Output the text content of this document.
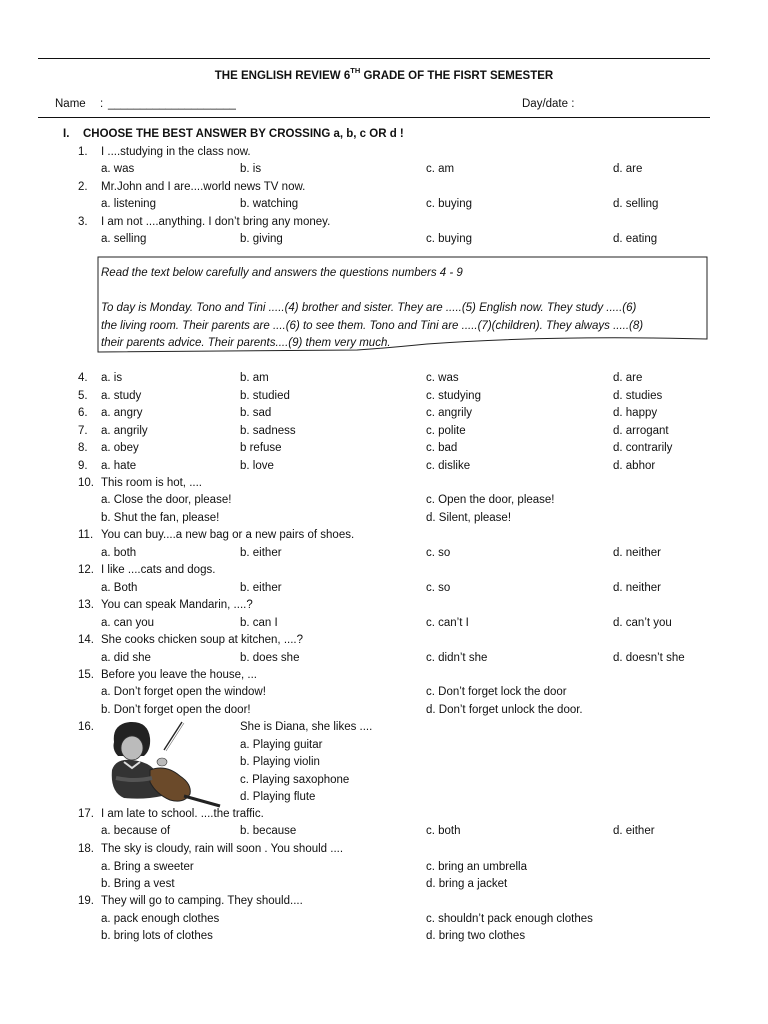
THE ENGLISH REVIEW 6TH GRADE OF THE FISRT SEMESTER
Name : ____________________	Day/date :
I. CHOOSE THE BEST ANSWER BY CROSSING a, b, c OR d !
1. I ....studying in the class now.
a. was	b. is	c. am	d. are
2. Mr.John and I are....world news TV now.
a. listening	b. watching	c. buying	d. selling
3. I am not ....anything. I don’t bring any money.
a. selling	b. giving	c. buying	d. eating
Read the text below carefully and answers the questions numbers 4 - 9
To day is Monday. Tono and Tini .....(4) brother and sister. They are .....(5) English now. They study .....(6)
the living room. Their parents are ....(6) to see them. Tono and Tini are .....(7)(children). They always .....(8)
their parents advice. Their parents....(9) them very much.
4. a. is	b. am	c. was	d. are
5. a. study	b. studied	c. studying	d. studies
6. a. angry	b. sad	c. angrily	d. happy
7. a. angrily	b. sadness	c. polite	d. arrogant
8. a. obey	b refuse	c. bad	d. contrarily
9. a. hate	b. love	c. dislike	d. abhor
10. This room is hot, ....
a. Close the door, please!	c. Open the door, please!
b. Shut the fan, please!	d. Silent, please!
11. You can buy....a new bag or a new pairs of shoes.
a. both	b. either	c. so	d. neither
12. I like ....cats and dogs.
a. Both	b. either	c. so	d. neither
13. You can speak Mandarin, ....?
a. can you	b. can I	c. can’t I	d. can’t you
14. She cooks chicken soup at kitchen, ....?
a. did she	b. does she	c. didn’t she	d. doesn’t she
15. Before you leave the house, ...
a. Don’t forget open the window!	c. Don’t forget lock the door
b. Don’t forget open the door!	d. Don’t forget unlock the door.
16.	She is Diana, she likes ....
a. Playing guitar
b. Playing violin
c. Playing saxophone
d. Playing flute
17. I am late to school. ....the traffic.
a. because of	b. because	c. both	d. either
18. The sky is cloudy, rain will soon . You should ....
a. Bring a sweeter	c. bring an umbrella
b. Bring a vest	d. bring a jacket
19. They will go to camping. They should....
a. pack enough clothes	c. shouldn’t pack enough clothes
b. bring lots of clothes	d. bring two clothes
